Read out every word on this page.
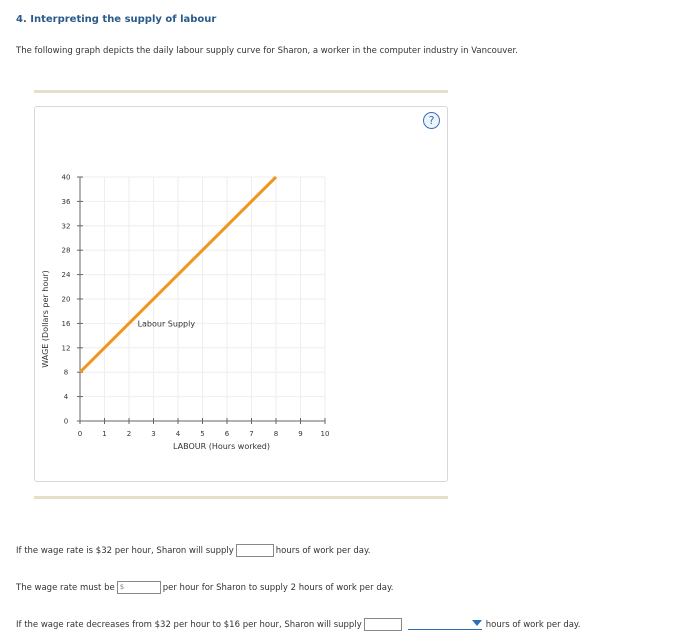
4. Interpreting the supply of labour
The following graph depicts the daily labour supply curve for Sharon, a worker in the computer industry in Vancouver.
?
0	1	2	3	4	5	6	7	8	9	10
0
4
8
12
16
20
24
28
32
36
40
LABOUR (Hours worked)
WAGE (Dollars per hour)	Labour Supply
If the wage rate is $32 per hour, Sharon will supply	hours of work per day.
The wage rate must be $	per hour for Sharon to supply 2 hours of work per day.
If the wage rate decreases from $32 per hour to $16 per hour, Sharon will supply	hours of work per day.
